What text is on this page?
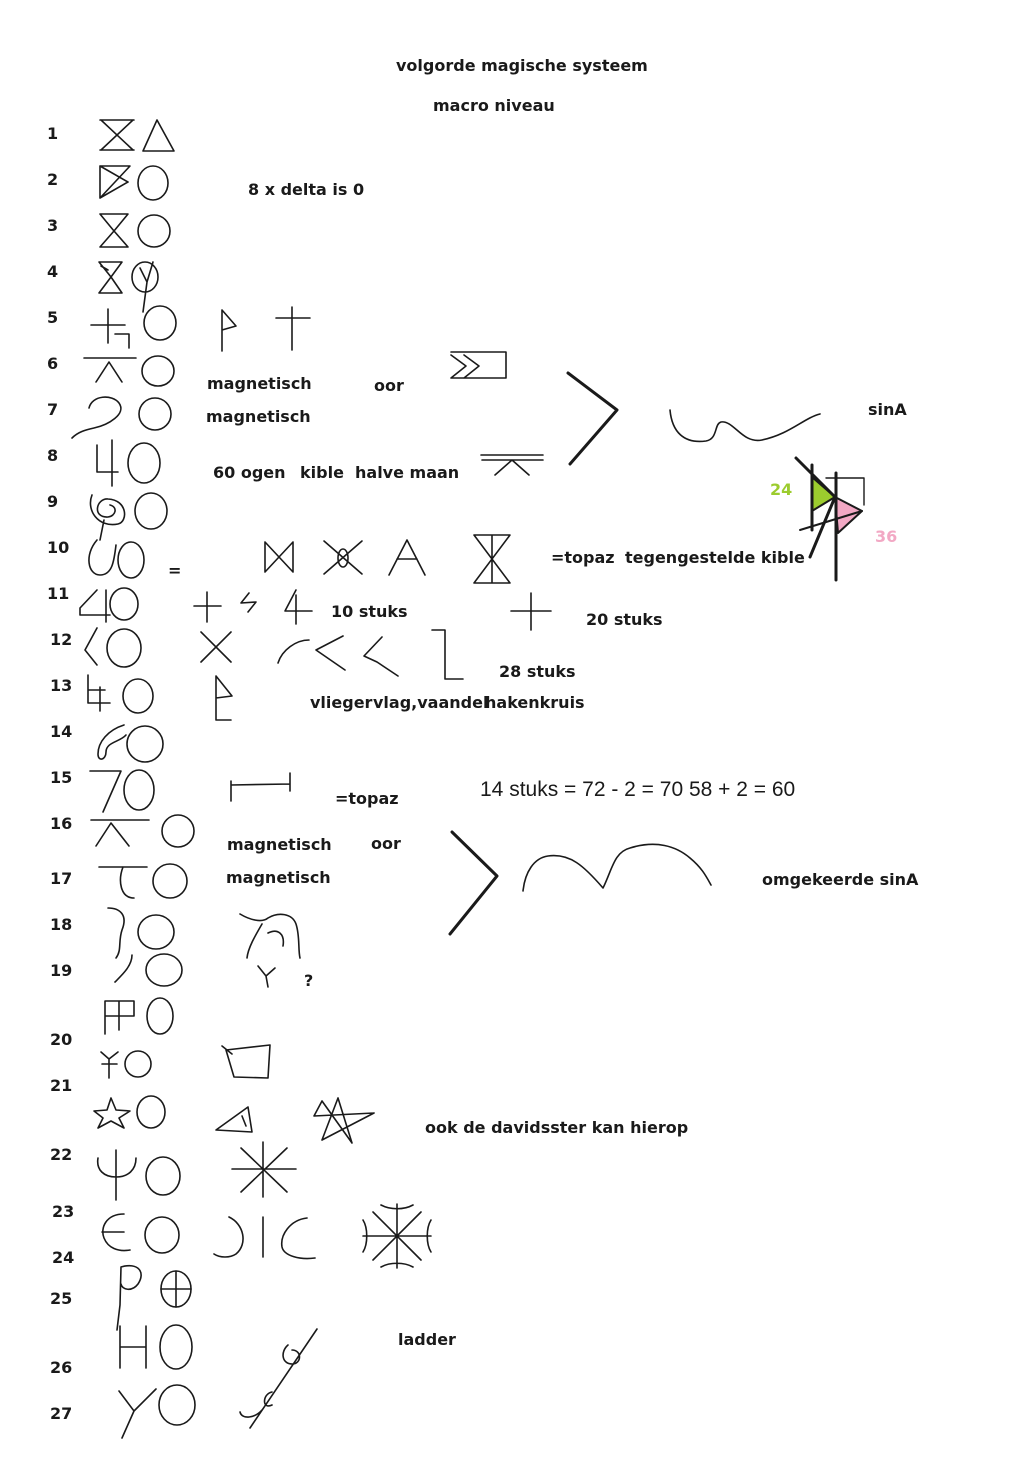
volgorde magische systeem
macro niveau
1
2
3
4
5
6
7
8
9
10
11
12
13
14
15
16
17
18
19
20
21
22
23
24
25
26
27
8 x delta is 0
magnetisch	oor
magnetisch	sinA
60 ogen kible halve maan
24
36
=
=topaz tegengestelde kible
10 stuks	20 stuks
28 stuks
vlieger vlag,vaandel
hakenkruis
14 stuks = 72 - 2 = 70 58 + 2 = 60
=topaz
magnetisch oor
magnetisch	omgekeerde sinA
?
ook de davidsster kan hierop
ladder
